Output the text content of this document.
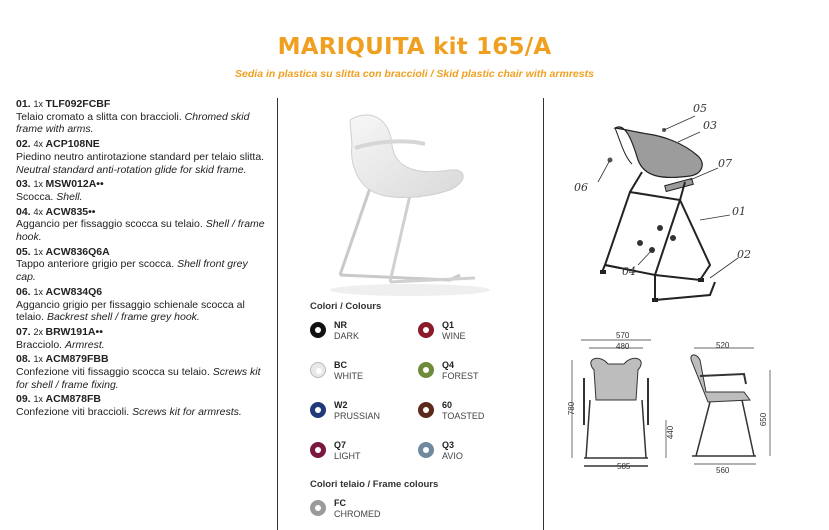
MARIQUITA kit 165/A
Sedia in plastica su slitta con braccioli / Skid plastic chair with armrests
01. 1x TLF092FCBF
Telaio cromato a slitta con braccioli. Chromed skid frame with arms.
02. 4x ACP108NE
Piedino neutro antirotazione standard per telaio slitta. Neutral standard anti-rotation glide for skid frame.
03. 1x MSW012A••
Scocca. Shell.
04. 4x ACW835••
Aggancio per fissaggio scocca su telaio. Shell / frame hook.
05. 1x ACW836Q6A
Tappo anteriore grigio per scocca. Shell front grey cap.
06. 1x ACW834Q6
Aggancio grigio per fissaggio schienale scocca al telaio. Backrest shell / frame grey hook.
07. 2x BRW191A••
Bracciolo. Armrest.
08. 1x ACM879FBB
Confezione viti fissaggio scocca su telaio. Screws kit for shell / frame fixing.
09. 1x ACM878FB
Confezione viti braccioli. Screws kit for armrests.
Colori / Colours
NR
DARK
Q1
WINE
BC
WHITE
Q4
FOREST
W2
PRUSSIAN
60
TOASTED
Q7
LIGHT
Q3
AVIO
Colori telaio / Frame colours
FC
CHROMED
05
03
07
06
01
04
02
570
480
780
440
585
520
650
560
